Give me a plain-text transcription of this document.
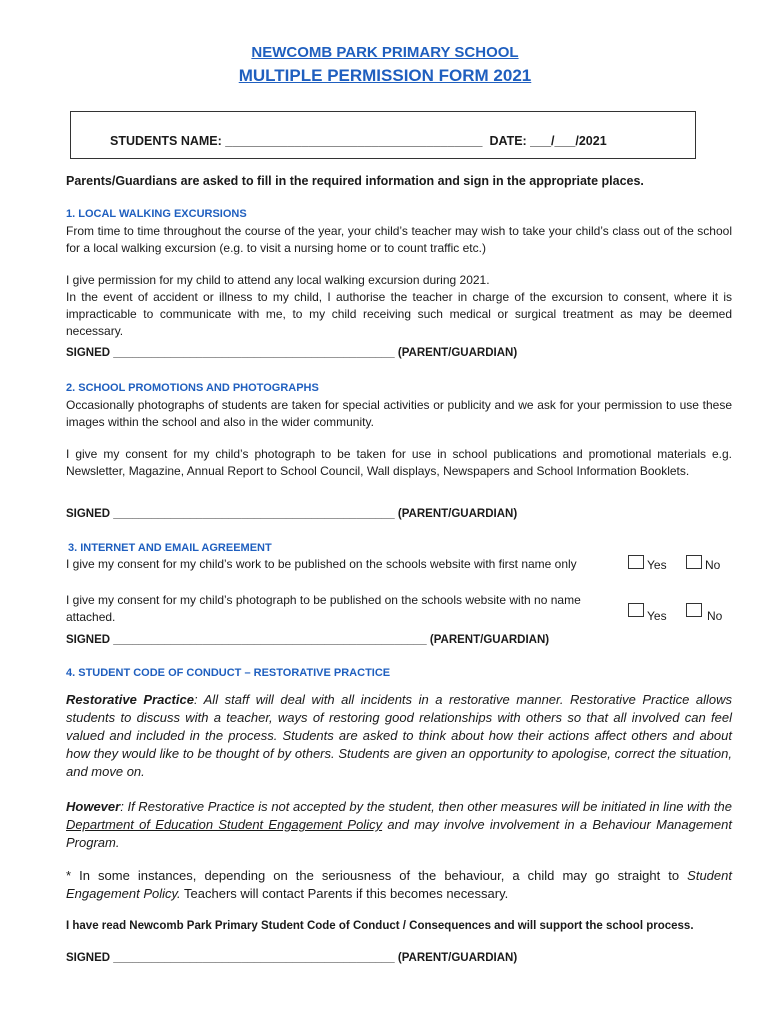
NEWCOMB PARK PRIMARY SCHOOL
MULTIPLE PERMISSION FORM 2021
STUDENTS NAME: _____________________________________  DATE: ___/___/2021
Parents/Guardians are asked to fill in the required information and sign in the appropriate places.
1. LOCAL WALKING EXCURSIONS
From time to time throughout the course of the year, your child’s teacher may wish to take your child’s class out of the school for a local walking excursion (e.g. to visit a nursing home or to count traffic etc.)
I give permission for my child to attend any local walking excursion during 2021.
In the event of accident or illness to my child, I authorise the teacher in charge of the excursion to consent, where it is impracticable to communicate with me, to my child receiving such medical or surgical treatment as may be deemed necessary.
SIGNED ____________________________________________ (PARENT/GUARDIAN)
2. SCHOOL PROMOTIONS AND PHOTOGRAPHS
Occasionally photographs of students are taken for special activities or publicity and we ask for your permission to use these images within the school and also in the wider community.
I give my consent for my child’s photograph to be taken for use in school publications and promotional materials e.g. Newsletter, Magazine, Annual Report to School Council, Wall displays, Newspapers and School Information Booklets.
SIGNED ____________________________________________ (PARENT/GUARDIAN)
3. INTERNET AND EMAIL AGREEMENT
I give my consent for my child’s work to be published on the schools website with first name only	Yes	No
I give my consent for my child’s photograph to be published on the schools website with no name attached.	Yes	No
SIGNED _________________________________________________ (PARENT/GUARDIAN)
4. STUDENT CODE OF CONDUCT – RESTORATIVE PRACTICE
Restorative Practice: All staff will deal with all incidents in a restorative manner. Restorative Practice allows students to discuss with a teacher, ways of restoring good relationships with others so that all involved can feel valued and included in the process. Students are asked to think about how their actions affect others and about how they would like to be thought of by others. Students are given an opportunity to apologise, correct the situation, and move on.
However: If Restorative Practice is not accepted by the student, then other measures will be initiated in line with the Department of Education Student Engagement Policy and may involve involvement in a Behaviour Management Program.
* In some instances, depending on the seriousness of the behaviour, a child may go straight to Student Engagement Policy. Teachers will contact Parents if this becomes necessary.
I have read Newcomb Park Primary Student Code of Conduct / Consequences and will support the school process.
SIGNED ____________________________________________ (PARENT/GUARDIAN)
